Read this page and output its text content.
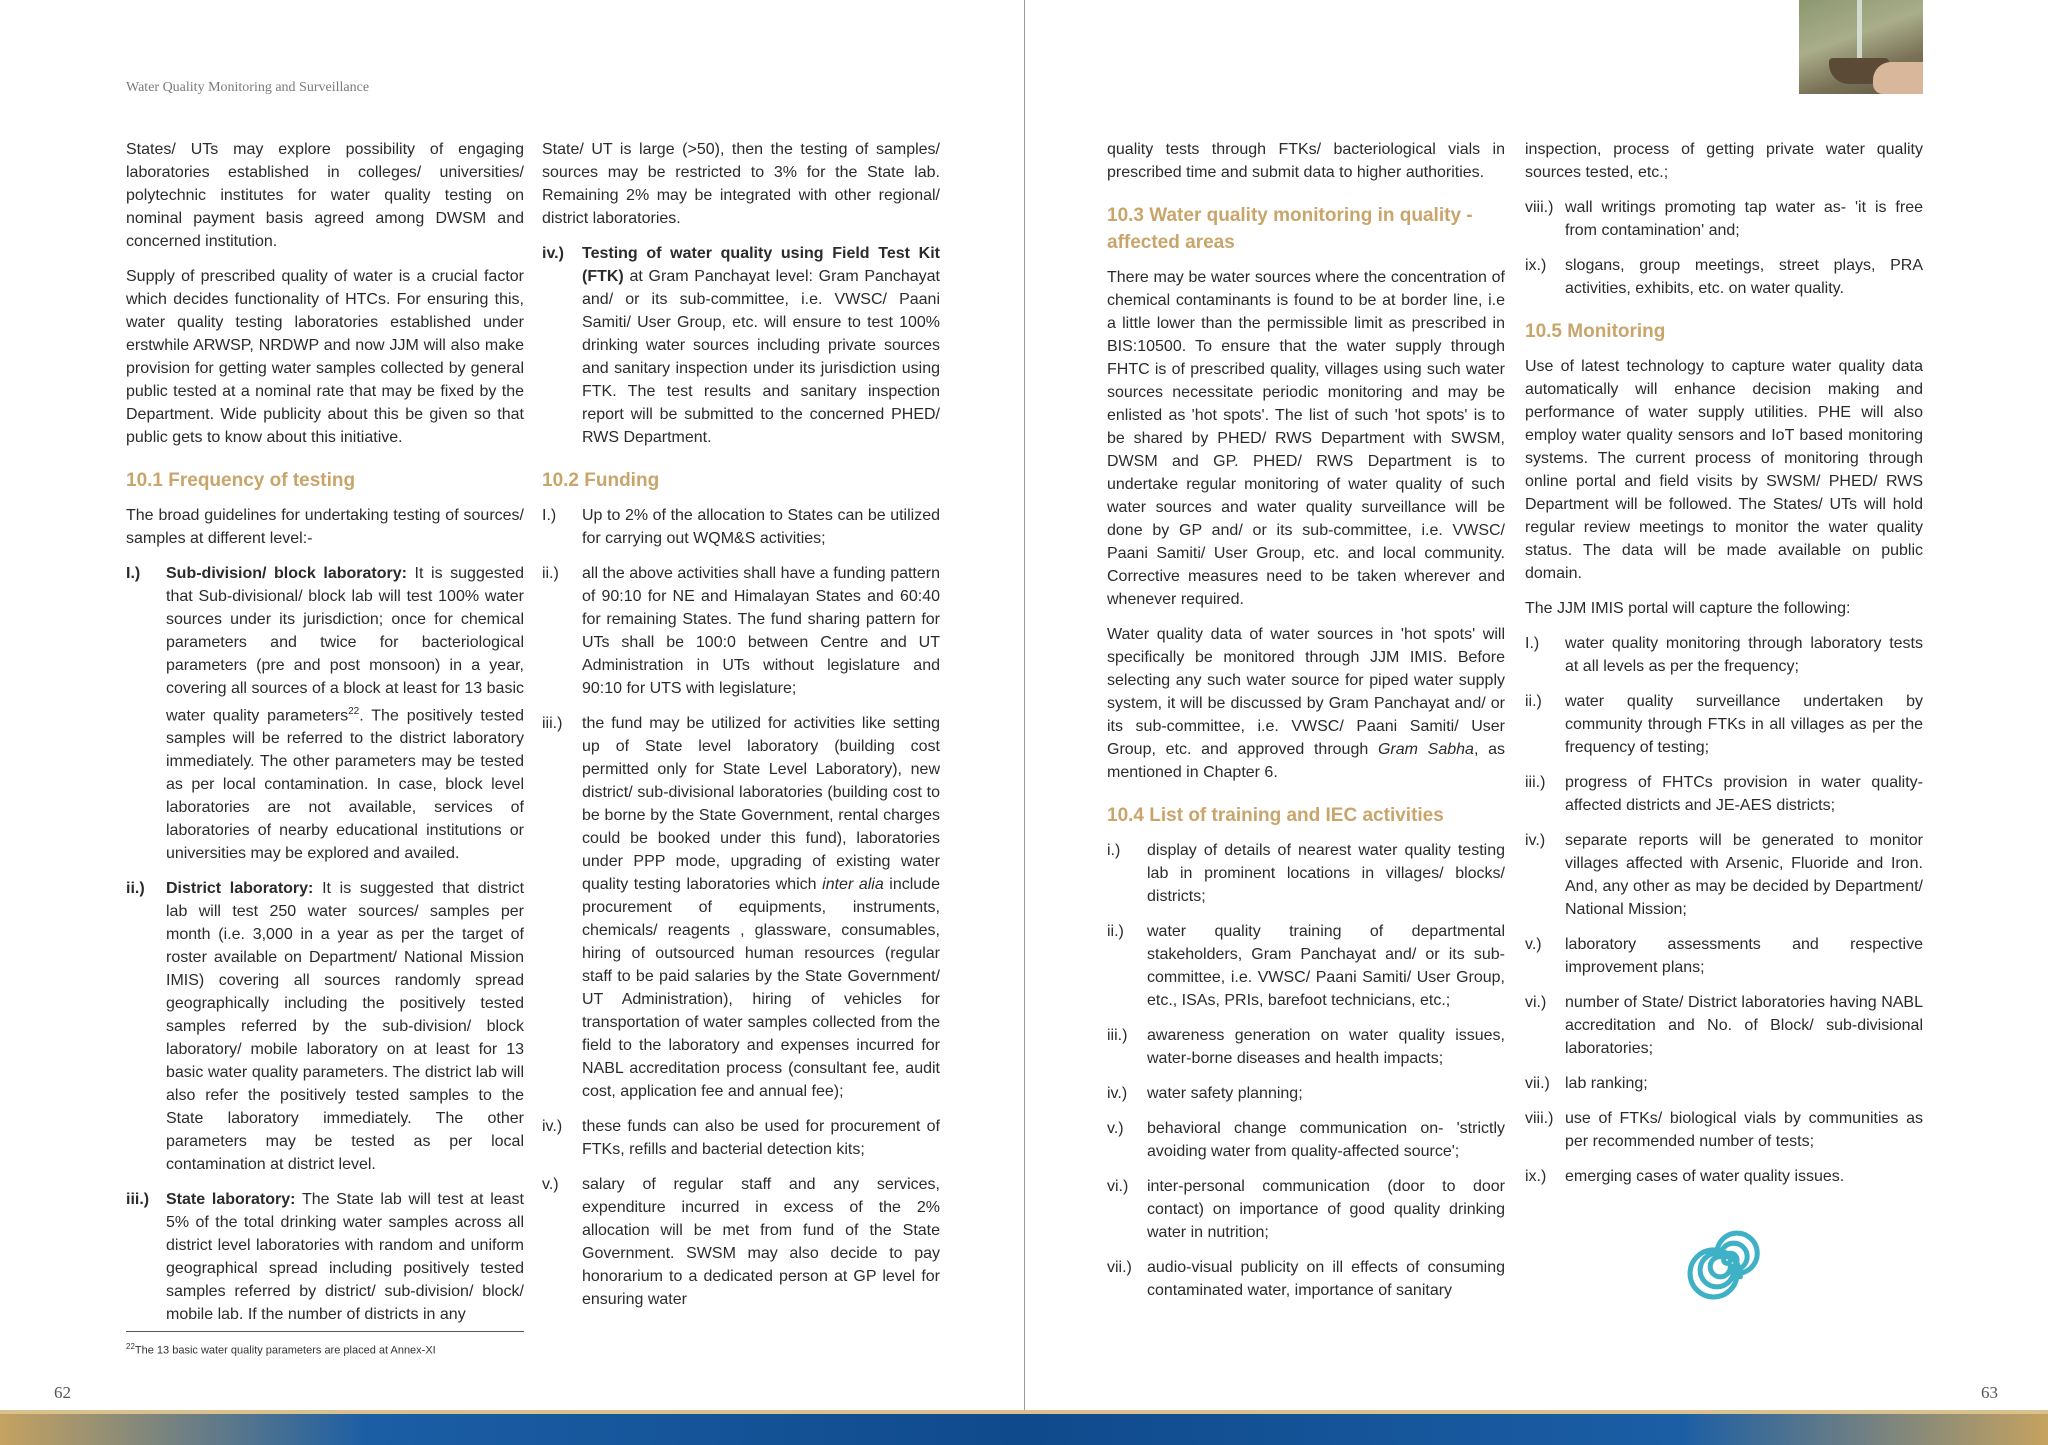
Water Quality Monitoring and Surveillance

States/ UTs may explore possibility of engaging laboratories established in colleges/ universities/ polytechnic institutes for water quality testing on nominal payment basis agreed among DWSM and concerned institution.

Supply of prescribed quality of water is a crucial factor which decides functionality of HTCs. For ensuring this, water quality testing laboratories established under erstwhile ARWSP, NRDWP and now JJM will also make provision for getting water samples collected by general public tested at a nominal rate that may be fixed by the Department. Wide publicity about this be given so that public gets to know about this initiative.

10.1 Frequency of testing

The broad guidelines for undertaking testing of sources/ samples at different level:-

I.) Sub-division/ block laboratory: It is suggested that Sub-divisional/ block lab will test 100% water sources under its jurisdiction; once for chemical parameters and twice for bacteriological parameters (pre and post monsoon) in a year, covering all sources of a block at least for 13 basic water quality parameters$^{22}$. The positively tested samples will be referred to the district laboratory immediately. The other parameters may be tested as per local contamination. In case, block level laboratories are not available, services of laboratories of nearby educational institutions or universities may be explored and availed.
ii.) District laboratory: It is suggested that district lab will test 250 water sources/ samples per month (i.e. 3,000 in a year as per the target of roster available on Department/ National Mission IMIS) covering all sources randomly spread geographically including the positively tested samples referred by the sub-division/ block laboratory/ mobile laboratory on at least for 13 basic water quality parameters. The district lab will also refer the positively tested samples to the State laboratory immediately. The other parameters may be tested as per local contamination at district level.
iii.) State laboratory: The State lab will test at least 5% of the total drinking water samples across all district level laboratories with random and uniform geographical spread including positively tested samples referred by district/ sub-division/ block/ mobile lab. If the number of districts in any

State/ UT is large (>50), then the testing of samples/ sources may be restricted to 3% for the State lab. Remaining 2% may be integrated with other regional/ district laboratories.

iv.) Testing of water quality using Field Test Kit (FTK) at Gram Panchayat level: Gram Panchayat and/ or its sub-committee, i.e. VWSC/ Paani Samiti/ User Group, etc. will ensure to test 100% drinking water sources including private sources and sanitary inspection under its jurisdiction using FTK. The test results and sanitary inspection report will be submitted to the concerned PHED/ RWS Department.
10.2 Funding
I.) Up to 2% of the allocation to States can be utilized for carrying out WQM&S activities;
ii.) all the above activities shall have a funding pattern of 90:10 for NE and Himalayan States and 60:40 for remaining States. The fund sharing pattern for UTs shall be 100:0 between Centre and UT Administration in UTs without legislature and 90:10 for UTS with legislature;
iii.) the fund may be utilized for activities like setting up of State level laboratory (building cost permitted only for State Level Laboratory), new district/ sub-divisional laboratories (building cost to be borne by the State Government, rental charges could be booked under this fund), laboratories under PPP mode, upgrading of existing water quality testing laboratories which inter alia include procurement of equipments, instruments, chemicals/ reagents , glassware, consumables, hiring of outsourced human resources (regular staff to be paid salaries by the State Government/ UT Administration), hiring of vehicles for transportation of water samples collected from the field to the laboratory and expenses incurred for NABL accreditation process (consultant fee, audit cost, application fee and annual fee);
iv.) these funds can also be used for procurement of FTKs, refills and bacterial detection kits;
v.) salary of regular staff and any services, expenditure incurred in excess of the 2% allocation will be met from fund of the State Government. SWSM may also decide to pay honorarium to a dedicated person at GP level for ensuring water
$^{22}$The 13 basic water quality parameters are placed at Annex-XI
62

quality tests through FTKs/ bacteriological vials in prescribed time and submit data to higher authorities.

10.3 Water quality monitoring in quality -
affected areas

There may be water sources where the concentration of chemical contaminants is found to be at border line, i.e a little lower than the permissible limit as prescribed in BIS:10500. To ensure that the water supply through FHTC is of prescribed quality, villages using such water sources necessitate periodic monitoring and may be enlisted as 'hot spots'. The list of such 'hot spots' is to be shared by PHED/ RWS Department with SWSM, DWSM and GP. PHED/ RWS Department is to undertake regular monitoring of water quality of such water sources and water quality surveillance will be done by GP and/ or its sub-committee, i.e. VWSC/ Paani Samiti/ User Group, etc. and local community. Corrective measures need to be taken wherever and whenever required.

Water quality data of water sources in 'hot spots' will specifically be monitored through JJM IMIS. Before selecting any such water source for piped water supply system, it will be discussed by Gram Panchayat and/ or its sub-committee, i.e. VWSC/ Paani Samiti/ User Group, etc. and approved through Gram Sabha, as mentioned in Chapter 6.

10.4 List of training and IEC activities
i.) display of details of nearest water quality testing lab in prominent locations in villages/ blocks/ districts;
ii.) water quality training of departmental stakeholders, Gram Panchayat and/ or its sub-committee, i.e. VWSC/ Paani Samiti/ User Group, etc., ISAs, PRIs, barefoot technicians, etc.;
iii.) awareness generation on water quality issues, water-borne diseases and health impacts;
iv.) water safety planning;
v.) behavioral change communication on- 'strictly avoiding water from quality-affected source';
vi.) inter-personal communication (door to door contact) on importance of good quality drinking water in nutrition;
vii.) audio-visual publicity on ill effects of consuming contaminated water, importance of sanitary

inspection, process of getting private water quality sources tested, etc.;

viii.) wall writings promoting tap water as- 'it is free from contamination' and;
ix.) slogans, group meetings, street plays, PRA activities, exhibits, etc. on water quality.
10.5 Monitoring

Use of latest technology to capture water quality data automatically will enhance decision making and performance of water supply utilities. PHE will also employ water quality sensors and IoT based monitoring systems. The current process of monitoring through online portal and field visits by SWSM/ PHED/ RWS Department will be followed. The States/ UTs will hold regular review meetings to monitor the water quality status. The data will be made available on public domain.

The JJM IMIS portal will capture the following:

I.) water quality monitoring through laboratory tests at all levels as per the frequency;
ii.) water quality surveillance undertaken by community through FTKs in all villages as per the frequency of testing;
iii.) progress of FHTCs provision in water quality-affected districts and JE-AES districts;
iv.) separate reports will be generated to monitor villages affected with Arsenic, Fluoride and Iron. And, any other as may be decided by Department/ National Mission;
v.) laboratory assessments and respective improvement plans;
vi.) number of State/ District laboratories having NABL accreditation and No. of Block/ sub-divisional laboratories;
vii.) lab ranking;
viii.) use of FTKs/ biological vials by communities as per recommended number of tests;
ix.) emerging cases of water quality issues.
63
